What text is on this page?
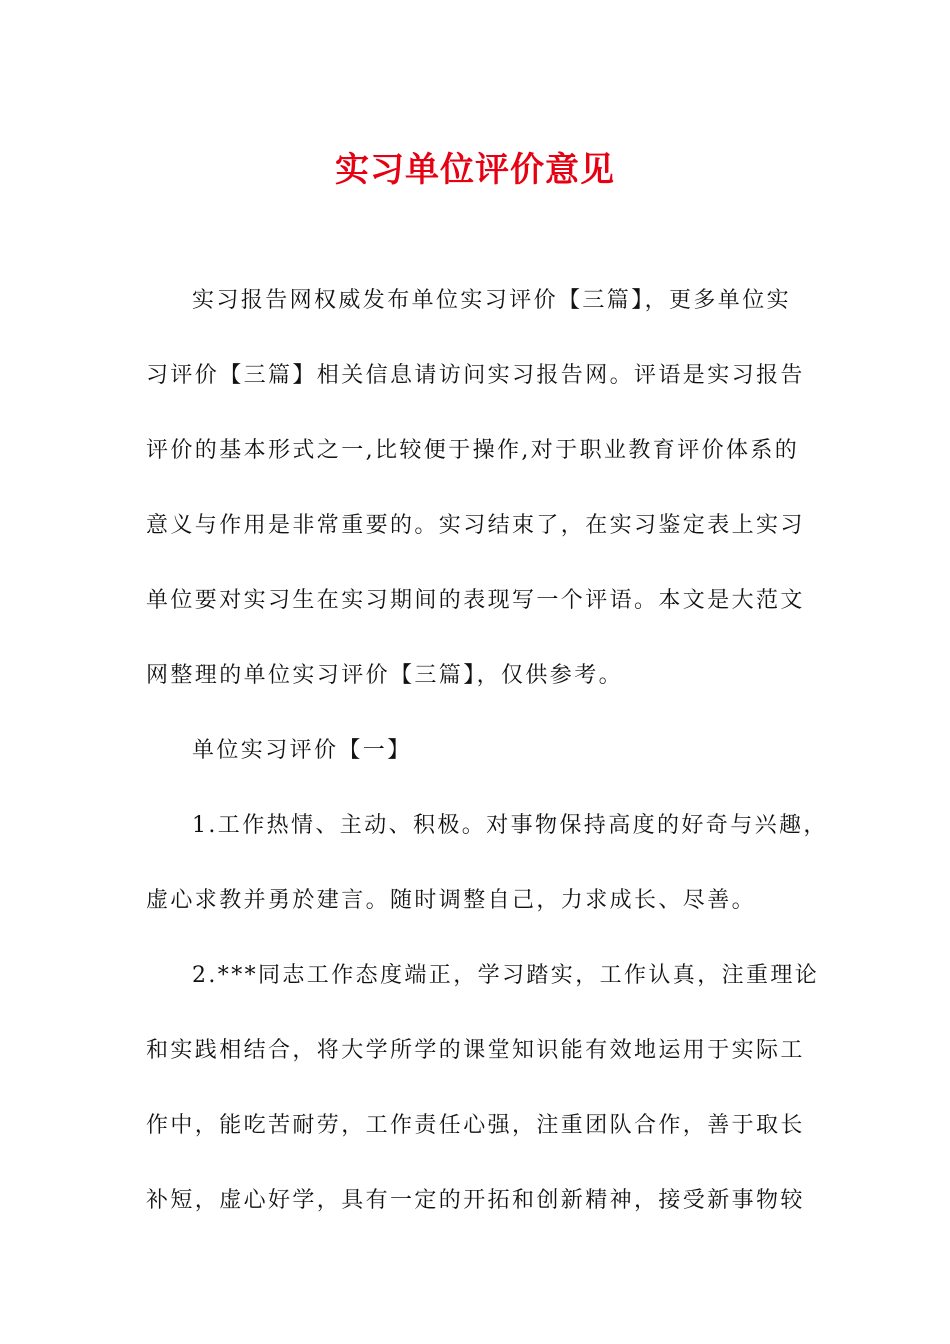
实习单位评价意见

实习报告网权威发布单位实习评价【三篇】，更多单位实

习评价【三篇】相关信息请访问实习报告网。评语是实习报告

评价的基本形式之一,比较便于操作,对于职业教育评价体系的

意义与作用是非常重要的。实习结束了，在实习鉴定表上实习

单位要对实习生在实习期间的表现写一个评语。本文是大范文

网整理的单位实习评价【三篇】，仅供参考。

单位实习评价【一】

1.工作热情、主动、积极。对事物保持高度的好奇与兴趣，

虚心求教并勇於建言。随时调整自己，力求成长、尽善。

2.***同志工作态度端正，学习踏实，工作认真，注重理论

和实践相结合，将大学所学的课堂知识能有效地运用于实际工

作中，能吃苦耐劳，工作责任心强，注重团队合作，善于取长

补短，虚心好学，具有一定的开拓和创新精神，接受新事物较
